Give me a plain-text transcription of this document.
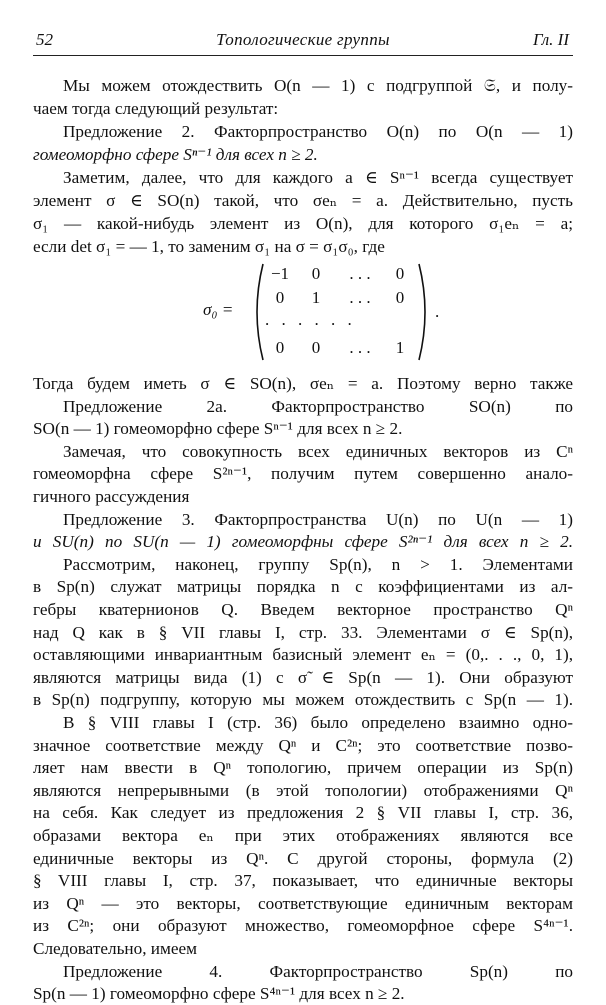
52	Топологические группы	Гл. II
Мы можем отождествить O(n — 1) с подгруппой 𝔖, и полу-
чаем тогда следующий результат:
Предложение 2. Факторпространство O(n) по O(n — 1)
гомеоморфно сфере Sⁿ⁻¹ для всех n ≥ 2.
Заметим, далее, что для каждого a ∈ Sⁿ⁻¹ всегда существует
элемент σ ∈ SO(n) такой, что σeₙ = a. Действительно, пусть
σ₁ — какой-нибудь элемент из O(n), для которого σ₁eₙ = a;
если det σ₁ = — 1, то заменим σ₁ на σ = σ₁σ₀, где
σ₀ =
−1	0	. . .	0
0	1	. . .	0
. . . . . .
0	0	. . .	1
.
Тогда будем иметь σ ∈ SO(n), σeₙ = a. Поэтому верно также
Предложение 2а. Факторпространство SO(n) по
SO(n — 1) гомеоморфно сфере Sⁿ⁻¹ для всех n ≥ 2.
Замечая, что совокупность всех единичных векторов из Cⁿ
гомеоморфна сфере S²ⁿ⁻¹, получим путем совершенно анало-
гичного рассуждения
Предложение 3. Факторпространства U(n) по U(n — 1)
и SU(n) по SU(n — 1) гомеоморфны сфере S²ⁿ⁻¹ для всех n ≥ 2.
Рассмотрим, наконец, группу Sp(n), n > 1. Элементами
в Sp(n) служат матрицы порядка n с коэффициентами из ал-
гебры кватернионов Q. Введем векторное пространство Qⁿ
над Q как в § VII главы I, стр. 33. Элементами σ ∈ Sp(n),
оставляющими инвариантным базисный элемент eₙ = (0,. . ., 0, 1),
являются матрицы вида (1) с σ̃ ∈ Sp(n — 1). Они образуют
в Sp(n) подгруппу, которую мы можем отождествить с Sp(n — 1).
В § VIII главы I (стр. 36) было определено взаимно одно-
значное соответствие между Qⁿ и C²ⁿ; это соответствие позво-
ляет нам ввести в Qⁿ топологию, причем операции из Sp(n)
являются непрерывными (в этой топологии) отображениями Qⁿ
на себя. Как следует из предложения 2 § VII главы I, стр. 36,
образами вектора eₙ при этих отображениях являются все
единичные векторы из Qⁿ. С другой стороны, формула (2)
§ VIII главы I, стр. 37, показывает, что единичные векторы
из Qⁿ — это векторы, соответствующие единичным векторам
из C²ⁿ; они образуют множество, гомеоморфное сфере S⁴ⁿ⁻¹.
Следовательно, имеем
Предложение 4. Факторпространство Sp(n) по
Sp(n — 1) гомеоморфно сфере S⁴ⁿ⁻¹ для всех n ≥ 2.
